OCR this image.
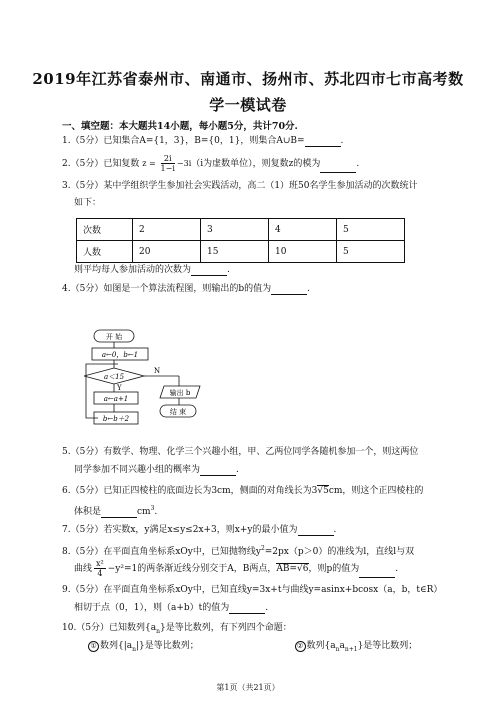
2019年江苏省泰州市、南通市、扬州市、苏北四市七市高考数
学一模试卷
一、填空题：本大题共14小题，每小题5分，共计70分.
1.（5分）已知集合A={1，3}，B={0，1}，则集合A∪B=	.
2.（5分）已知复数 $z = \frac{2i}{1-i} -3i(i$为虚数单位），则复数z的模为	.
3.（5分）某中学组织学生参加社会实践活动，高二（1）班50名学生参加活动的次数统计
如下：
次数	2	3	4	5
人数	20	15	10	5
则平均每人参加活动的次数为	.
4.（5分）如图是一个算法流程图，则输出的b的值为	.
开 始
a←0，b←1
a＜15
N
输出 b
结 束
Y
a←a+1
b←b＋2
5.（5分）有数学、物理、化学三个兴趣小组，甲、乙两位同学各随机参加一个，则这两位
同学参加不同兴趣小组的概率为	.
6.（5分）已知正四棱柱的底面边长为3cm，侧面的对角线长为3√5cm，则这个正四棱柱的
体积是	$cm^3$.
7.（5分）若实数x，y满足x≤y≤2x+3，则x+y的最小值为	.
8.（5分）在平面直角坐标系xOy中，已知抛物线$y^2=2px(p>0)$的准线为l，直线l与双
曲线 $\frac{\text{x²}}{4} -y^2=1$的两条渐近线分别交于A，B两点，AB=√6，则p的值为	.
9.（5分）在平面直角坐标系xOy中，已知直线y=3x+t与曲线y=asinx+bcosx（a，b，t∈R）
相切于点（0，1），则（a+b）t的值为	.
10.（5分）已知数列$\{a_n\}$是等比数列，有下列四个命题：
① 数列$\{|a_n|\}$是等比数列；	② 数列$\{a_na_{n+1}\}$是等比数列；
第1页（共21页）
